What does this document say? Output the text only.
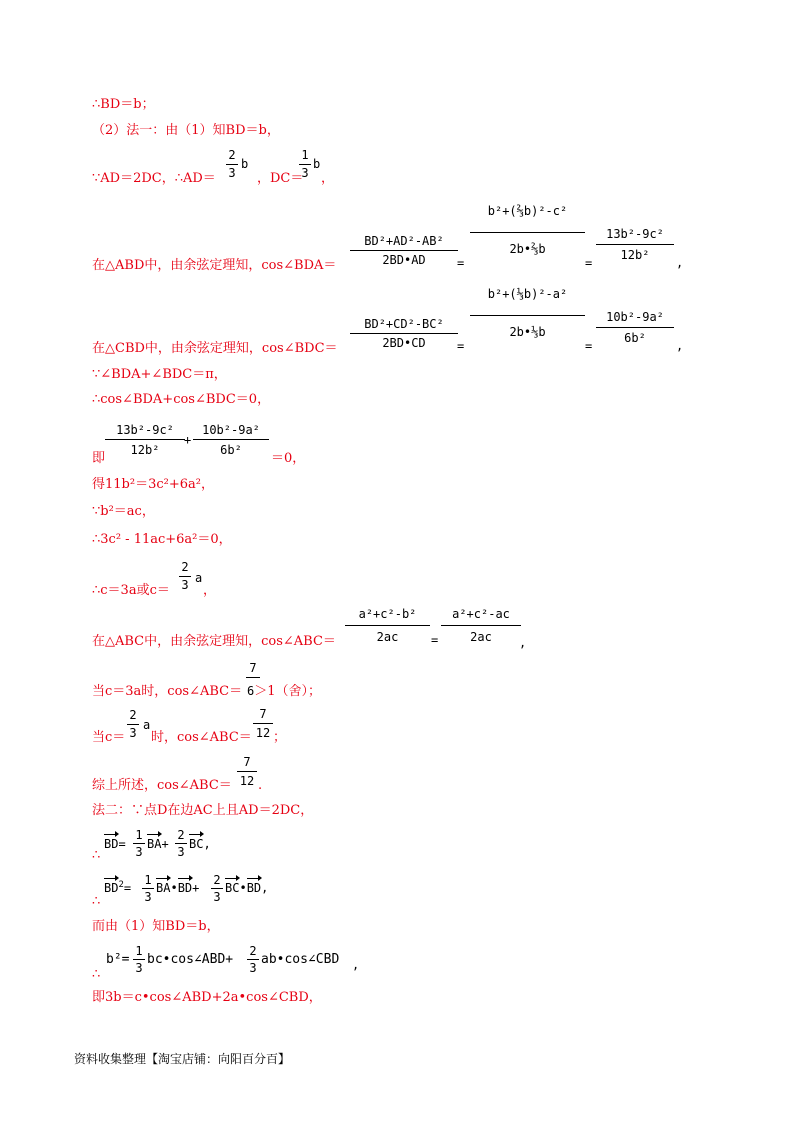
∴BD＝b；
（2）法一：由（1）知BD＝b，
∵AD＝2DC，∴AD＝
2
3
b
，DC＝
1
3
b
，
在△ABD中，由余弦定理知，cos∠BDA＝
BD²+AD²-AB²
2BD•AD	=
b²+(⅔b)²-c²
2b•⅔b
=
13b²-9c²
12b²
,
在△CBD中，由余弦定理知，cos∠BDC＝
BD²+CD²-BC²
2BD•CD	=
b²+(⅓b)²-a²
2b•⅓b
=
10b²-9a²
6b²
,
∵∠BDA+∠BDC＝π，
∴cos∠BDA+cos∠BDC＝0，
即
13b²-9c²
12b²
+
10b²-9a²
6b²
＝0，
得11b²＝3c²+6a²，
∵b²＝ac，
∴3c² - 11ac+6a²＝0，
∴c＝3a或c＝
2
3 a
，
在△ABC中，由余弦定理知，cos∠ABC＝
a²+c²-b²
2ac	=
a²+c²-ac
2ac	,
当c＝3a时，cos∠ABC＝
7
6＞1（舍）；
当c＝
2
3
a
时，cos∠ABC＝
7
12 ；
综上所述，cos∠ABC＝
7
12 .
法二：∵点D在边AC上且AD＝2DC，
∴
BD=
1
3
BA+
2
3
BC,
∴
$BD^2=$
1
3
BA•BD+
2
3
BC•BD,
而由（1）知BD＝b，
∴
b²=
1
3
bc•cos∠ABD+
2
3
ab•cos∠CBD ,
即3b＝c•cos∠ABD+2a•cos∠CBD，
资料收集整理【淘宝店铺：向阳百分百】
